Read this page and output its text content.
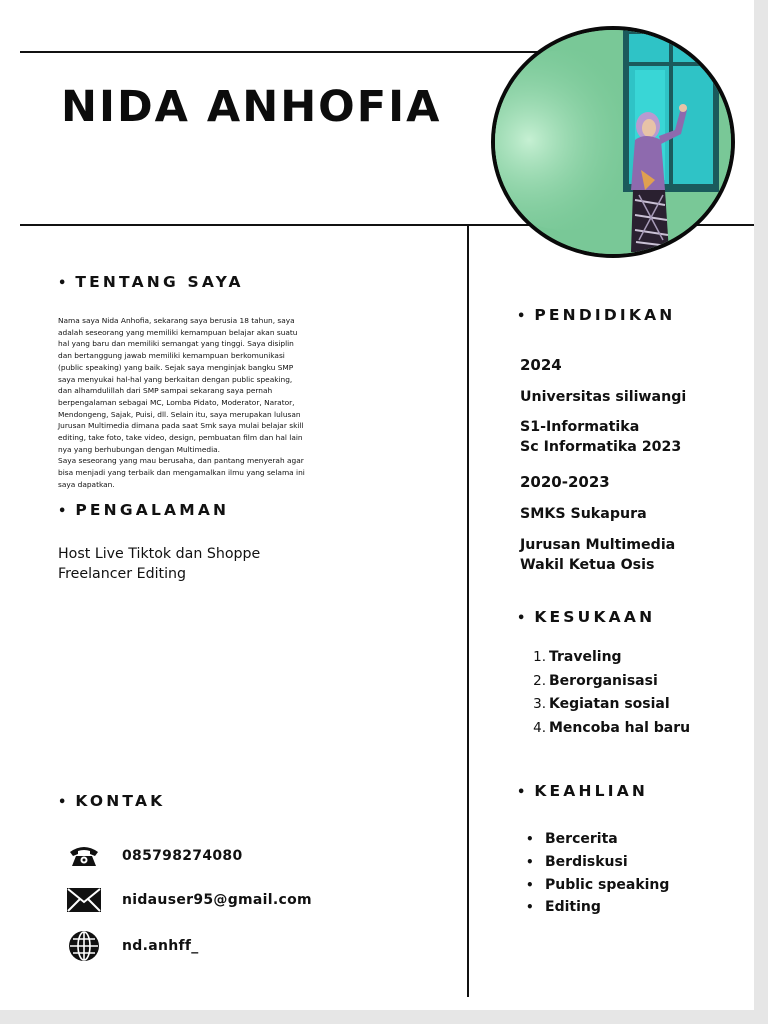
NIDA ANHOFIA
• TENTANG SAYA

Nama saya Nida Anhofia, sekarang saya berusia 18 tahun, saya adalah seseorang yang memiliki kemampuan belajar akan suatu hal yang baru dan memiliki semangat yang tinggi. Saya disiplin dan bertanggung jawab memiliki kemampuan berkomunikasi (public speaking) yang baik. Sejak saya menginjak bangku SMP saya menyukai hal-hal yang berkaitan dengan public speaking, dan alhamdulillah dari SMP sampai sekarang saya pernah berpengalaman sebagai MC, Lomba Pidato, Moderator, Narator, Mendongeng, Sajak, Puisi, dll. Selain itu, saya merupakan lulusan Jurusan Multimedia dimana pada saat Smk saya mulai belajar skill editing, take foto, take video, design, pembuatan film dan hal lain nya yang berhubungan dengan Multimedia.

Saya seseorang yang mau berusaha, dan pantang menyerah agar bisa menjadi yang terbaik dan mengamalkan ilmu yang selama ini saya dapatkan.

• PENGALAMAN
Host Live Tiktok dan Shoppe
Freelancer Editing
• KONTAK
085798274080
nidauser95@gmail.com
nd.anhff_
• PENDIDIKAN
2024
Universitas siliwangi
S1-Informatika
Sc Informatika 2023
2020-2023
SMKS Sukapura
Jurusan Multimedia
Wakil Ketua Osis
• KESUKAAN
1. Traveling
2. Berorganisasi
3. Kegiatan sosial
4. Mencoba hal baru
• KEAHLIAN
• Bercerita
• Berdiskusi
• Public speaking
• Editing
